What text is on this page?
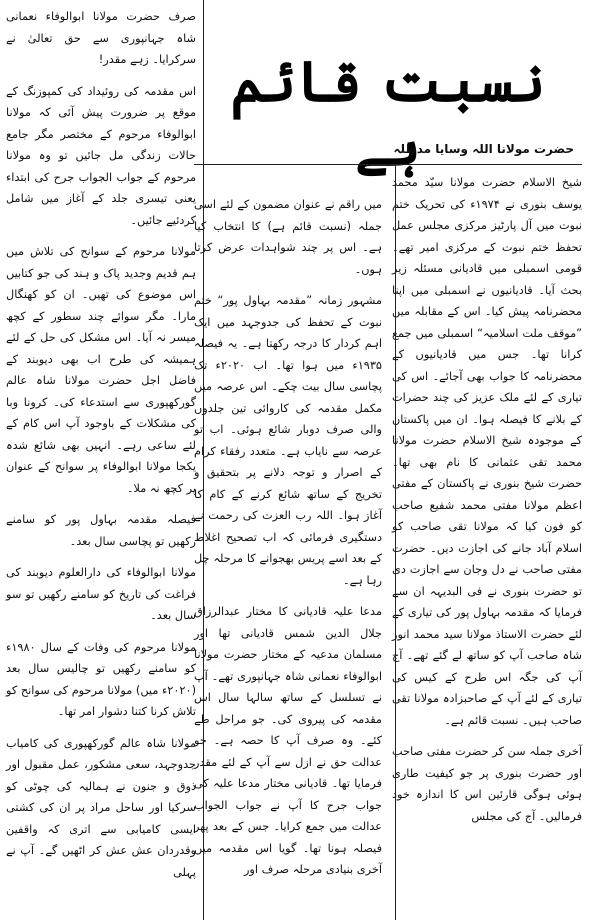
نسبت قائم ہے
حضرت مولانا اللہ وسایا مدظلہ

شیخ الاسلام حضرت مولانا سیّد محمد یوسف بنوری نے ۱۹۷۴ء کی تحریک ختم نبوت میں آل پارٹیز مرکزی مجلس عمل تحفظ ختم نبوت کے مرکزی امیر تھے۔ قومی اسمبلی میں قادیانی مسئلہ زیر بحث آیا۔ قادیانیوں نے اسمبلی میں اپنا محضرنامہ پیش کیا۔ اس کے مقابلہ میں ”موقف ملت اسلامیہ“ اسمبلی میں جمع کرانا تھا۔ جس میں قادیانیوں کے محضرنامہ کا جواب بھی آجائے۔ اس کی تیاری کے لئے ملک عزیز کی چند حضرات کے بلانے کا فیصلہ ہوا۔ ان میں پاکستان کے موجودہ شیخ الاسلام حضرت مولانا محمد تقی عثمانی کا نام بھی تھا۔ حضرت شیخ بنوری نے پاکستان کے مفتی اعظم مولانا مفتی محمد شفیع صاحب کو فون کیا کہ مولانا تقی صاحب کو اسلام آباد جانے کی اجازت دیں۔ حضرت مفتی صاحب نے دل وجان سے اجازت دی تو حضرت بنوری نے فی البدیہہ ان سے فرمایا کہ مقدمہ بہاول پور کی تیاری کے لئے حضرت الاستاذ مولانا سید محمد انور شاہ صاحب آپ کو ساتھ لے گئے تھے۔ آج آپ کی جگہ اس طرح کے کیس کی تیاری کے لئے آپ کے صاحبزادہ مولانا تقی صاحب ہیں۔ نسبت قائم ہے۔

آخری جملہ سن کر حضرت مفتی صاحب اور حضرت بنوری پر جو کیفیت طاری ہوئی ہوگی قارئین اس کا اندازہ خود فرمالیں۔ آج کی مجلس

میں راقم نے عنوان مضمون کے لئے اسی جملہ (نسبت قائم ہے) کا انتخاب کیا ہے۔ اس پر چند شواہدات عرض کرتا ہوں۔

مشہور زمانہ ”مقدمہ بہاول پور“ ختم نبوت کے تحفظ کی جدوجہد میں ایک اہم کردار کا درجہ رکھتا ہے۔ یہ فیصلہ ۱۹۳۵ء میں ہوا تھا۔ اب ۲۰۲۰ء تک پچاسی سال بیت چکے۔ اس عرصہ میں مکمل مقدمہ کی کاروائی تین جلدوں والی صرف دوبار شائع ہوئی۔ اب تو عرصہ سے نایاب ہے۔ متعدد رفقاء کرام کے اصرار و توجہ دلانے پر بتحقیق و تخریج کے ساتھ شائع کرنے کے کام کا آغاز ہوا۔ اللہ رب العزت کی رحمت نے دستگیری فرمائی کہ اب تصحیح اغلاط کے بعد اسے پریس بھجوانے کا مرحلہ چل رہا ہے۔

مدعا علیہ قادیانی کا مختار عبدالرزاق جلال الدین شمس قادیانی تھا اور مسلمان مدعیہ کے مختار حضرت مولانا ابوالوفاء نعمانی شاہ جہانپوری تھے۔ آپ نے تسلسل کے ساتھ سالہا سال اس مقدمہ کی پیروی کی۔ جو مراحل طے کئے۔ وہ صرف آپ کا حصہ ہے۔ جو عدالت حق نے ازل سے آپ کے لئے مقدر فرمایا تھا۔ قادیانی مختار مدعا علیہ کی جواب جرح کا آپ نے جواب الجواب عدالت میں جمع کرایا۔ جس کے بعد پھر فیصلہ ہونا تھا۔ گویا اس مقدمہ میں آخری بنیادی مرحلہ صرف اور

صرف حضرت مولانا ابوالوفاء نعمانی شاہ جہانپوری سے حق تعالیٰ نے سرکرایا۔ زہے مقدر!

اس مقدمہ کی روئیداد کی کمپوزنگ کے موقع پر ضرورت پیش آئی کہ مولانا ابوالوفاء مرحوم کے مختصر مگر جامع حالات زندگی مل جائیں تو وہ مولانا مرحوم کے جواب الجواب جرح کی ابتداء یعنی تیسری جلد کے آغاز میں شامل کردئیے جائیں۔

مولانا مرحوم کے سوانح کی تلاش میں ہم قدیم وجدید پاک و ہند کی جو کتابیں اس موضوع کی تھیں۔ ان کو کھنگال مارا۔ مگر سوائے چند سطور کے کچھ میسر نہ آیا۔ اس مشکل کی حل کے لئے ہمیشہ کی طرح اب بھی دیوبند کے فاضل اجل حضرت مولانا شاہ عالم گورکھپوری سے استدعاء کی۔ کرونا وبا کی مشکلات کے باوجود آپ اس کام کے لئے ساعی رہے۔ انہیں بھی شائع شدہ یکجا مولانا ابوالوفاء پر سوانح کے عنوان پر کچھ نہ ملا۔

فیصلہ مقدمہ بہاول پور کو سامنے رکھیں تو پچاسی سال بعد۔

مولانا ابوالوفاء کی دارالعلوم دیوبند کی فراغت کی تاریخ کو سامنے رکھیں تو سو سال بعد۔

مولانا مرحوم کی وفات کے سال ۱۹۸۰ء کو سامنے رکھیں تو چالیس سال بعد (۲۰۲۰ء میں) مولانا مرحوم کی سوانح کو تلاش کرنا کتنا دشوار امر تھا۔

مولانا شاہ عالم گورکھپوری کی کامیاب جدوجہد، سعی مشکور، عمل مقبول اور ذوق و جنون نے ہمالیہ کی چوٹی کو سرکیا اور ساحل مراد پر ان کی کشتی ایسی کامیابی سے اتری کہ واقفین وقدردان عش عش کر اٹھیں گے۔ آپ نے پہلی
